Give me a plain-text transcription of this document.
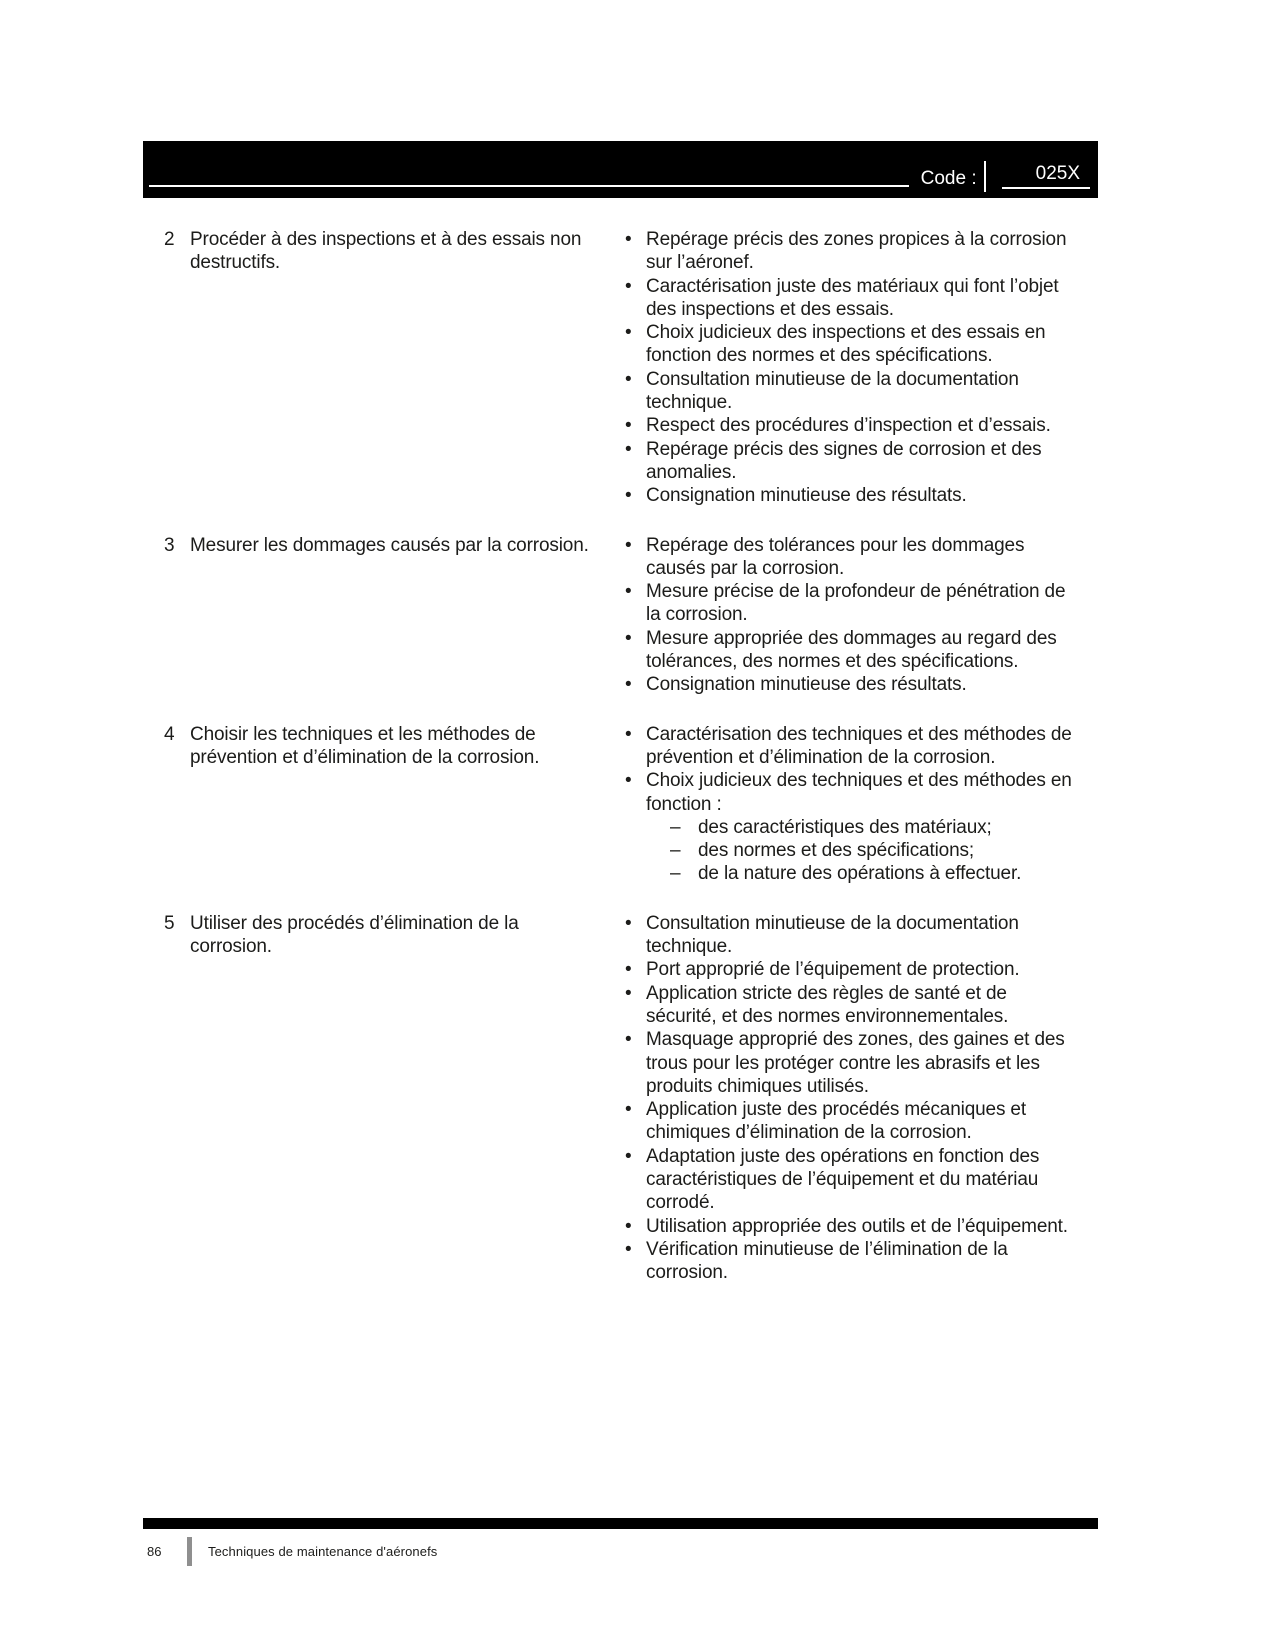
Code :	025X
2 Procéder à des inspections et à des essais non destructifs.

• Repérage précis des zones propices à la corrosion sur l’aéronef.
• Caractérisation juste des matériaux qui font l’objet des inspections et des essais.
• Choix judicieux des inspections et des essais en fonction des normes et des spécifications.
• Consultation minutieuse de la documentation technique.
• Respect des procédures d’inspection et d’essais.
• Repérage précis des signes de corrosion et des anomalies.
• Consignation minutieuse des résultats.
3 Mesurer les dommages causés par la corrosion.	• Repérage des tolérances pour les dommages causés par la corrosion.
• Mesure précise de la profondeur de pénétration de la corrosion.
• Mesure appropriée des dommages au regard des tolérances, des normes et des spécifications.
• Consignation minutieuse des résultats.
4 Choisir les techniques et les méthodes de prévention et d’élimination de la corrosion.

• Caractérisation des techniques et des méthodes de prévention et d’élimination de la corrosion.
• Choix judicieux des techniques et des méthodes en fonction :
– des caractéristiques des matériaux;
– des normes et des spécifications;
– de la nature des opérations à effectuer.
5 Utiliser des procédés d’élimination de la corrosion.

• Consultation minutieuse de la documentation technique.
• Port approprié de l’équipement de protection.
• Application stricte des règles de santé et de sécurité, et des normes environnementales.
• Masquage approprié des zones, des gaines et des trous pour les protéger contre les abrasifs et les produits chimiques utilisés.
• Application juste des procédés mécaniques et chimiques d’élimination de la corrosion.
• Adaptation juste des opérations en fonction des caractéristiques de l’équipement et du matériau corrodé.
• Utilisation appropriée des outils et de l’équipement.
• Vérification minutieuse de l’élimination de la corrosion.
86	Techniques de maintenance d'aéronefs
